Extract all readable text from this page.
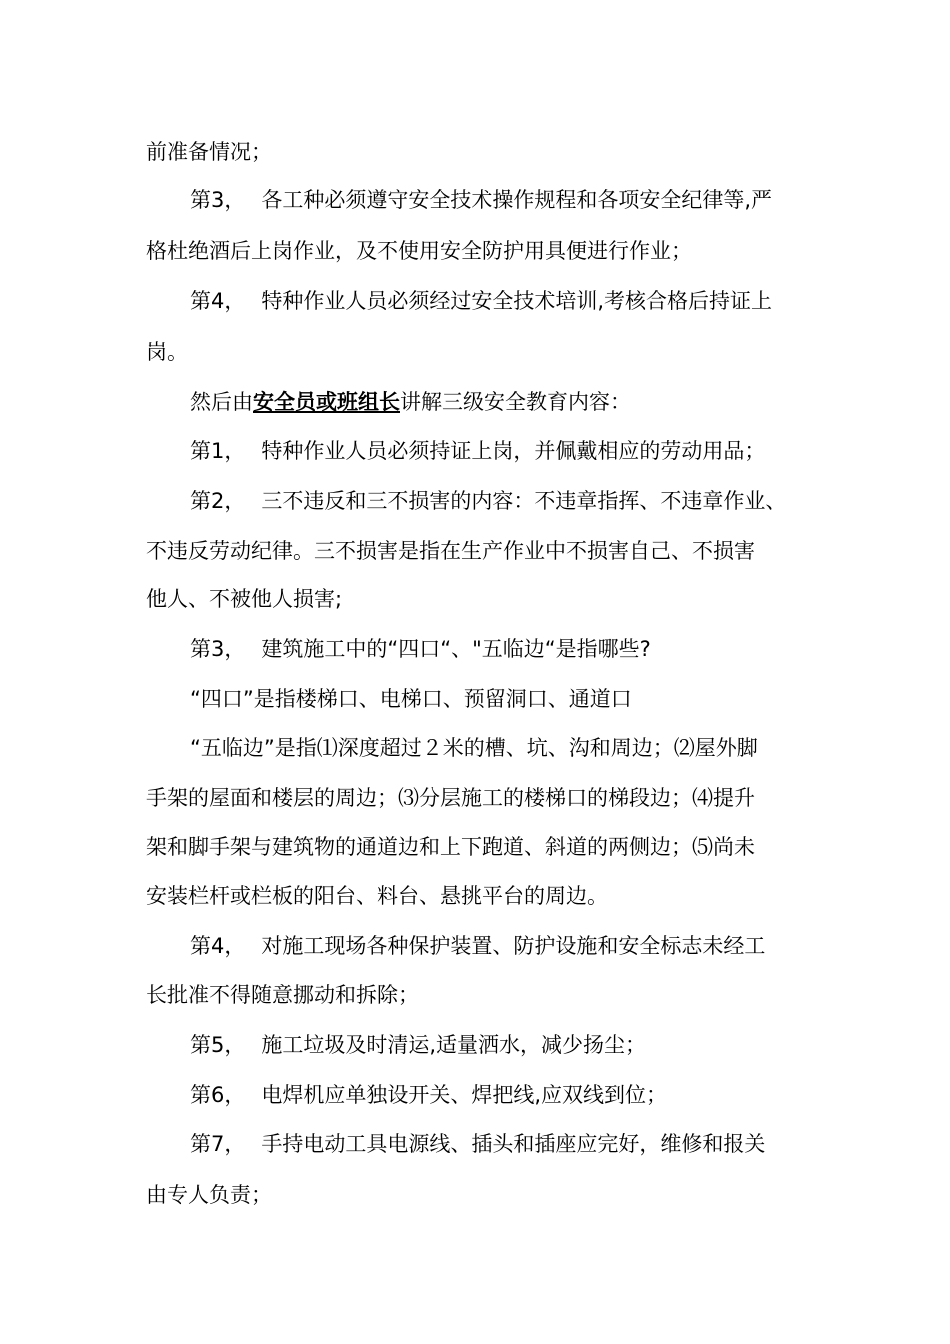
前准备情况；
第3， 各工种必须遵守安全技术操作规程和各项安全纪律等,严
格杜绝酒后上岗作业，及不使用安全防护用具便进行作业；
第4， 特种作业人员必须经过安全技术培训,考核合格后持证上
岗。
然后由安全员或班组长讲解三级安全教育内容：
第1， 特种作业人员必须持证上岗，并佩戴相应的劳动用品；
第2， 三不违反和三不损害的内容：不违章指挥、不违章作业、
不违反劳动纪律。三不损害是指在生产作业中不损害自己、不损害
他人、不被他人损害;
第3， 建筑施工中的“四口“、"五临边“是指哪些?
“四口”是指楼梯口、电梯口、预留洞口、通道口
“五临边”是指⑴深度超过２米的槽、坑、沟和周边；⑵屋外脚
手架的屋面和楼层的周边；⑶分层施工的楼梯口的梯段边；⑷提升
架和脚手架与建筑物的通道边和上下跑道、斜道的两侧边；⑸尚未
安装栏杆或栏板的阳台、料台、悬挑平台的周边。
第4， 对施工现场各种保护装置、防护设施和安全标志未经工
长批准不得随意挪动和拆除；
第5， 施工垃圾及时清运,适量洒水，减少扬尘；
第6， 电焊机应单独设开关、焊把线,应双线到位；
第7， 手持电动工具电源线、插头和插座应完好，维修和报关
由专人负责；
